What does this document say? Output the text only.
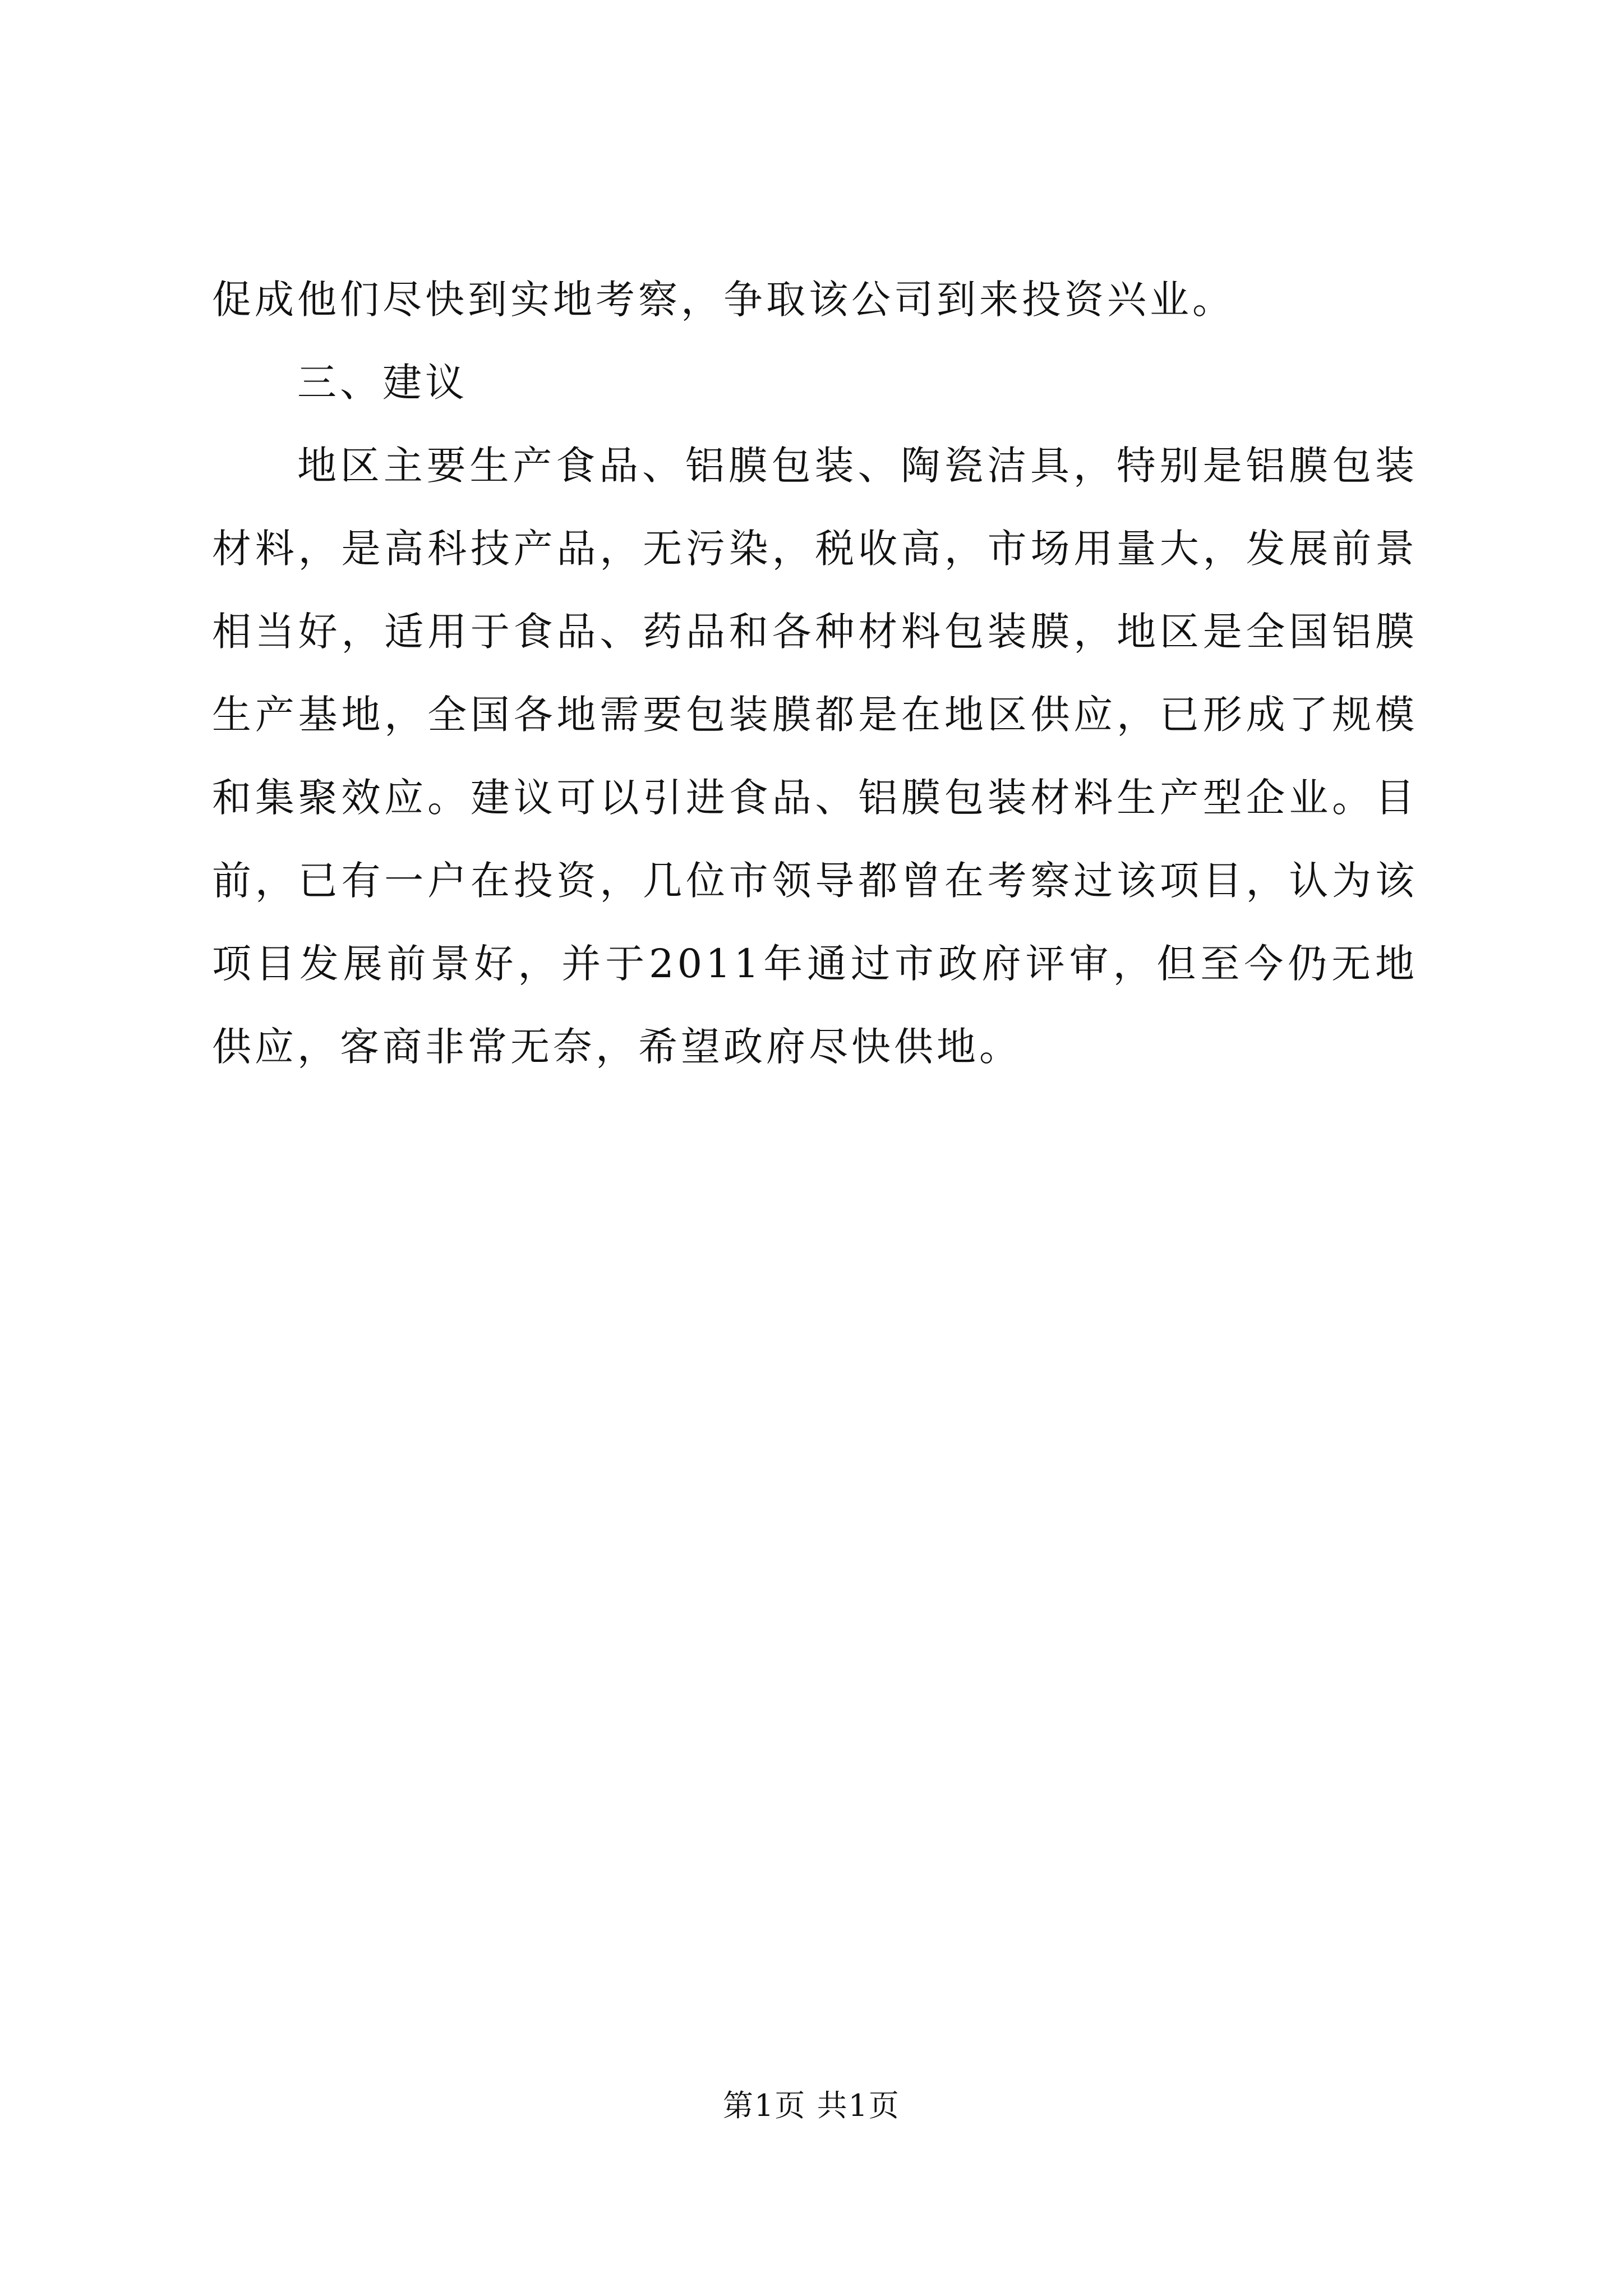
促成他们尽快到实地考察，争取该公司到来投资兴业。

三、建议

地区主要生产食品、铝膜包装、陶瓷洁具，特别是铝膜包装材料，是高科技产品，无污染，税收高，市场用量大，发展前景相当好，适用于食品、药品和各种材料包装膜，地区是全国铝膜生产基地，全国各地需要包装膜都是在地区供应，已形成了规模和集聚效应。建议可以引进食品、铝膜包装材料生产型企业。目前，已有一户在投资，几位市领导都曾在考察过该项目，认为该项目发展前景好，并于2011年通过市政府评审，但至今仍无地供应，客商非常无奈，希望政府尽快供地。

第1页 共1页
